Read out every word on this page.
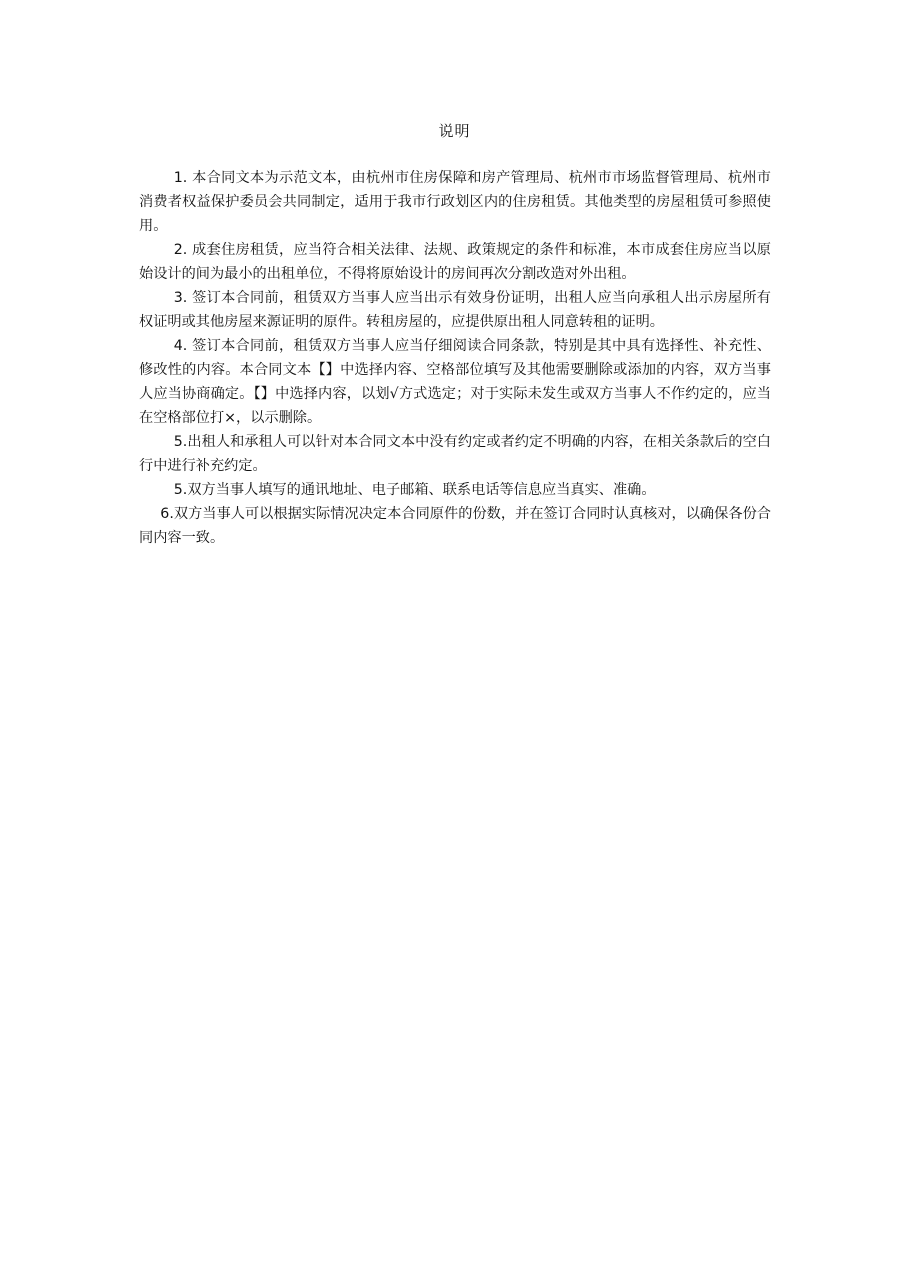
说明

1. 本合同文本为示范文本，由杭州市住房保障和房产管理局、杭州市市场监督管理局、杭州市消费者权益保护委员会共同制定，适用于我市行政划区内的住房租赁。其他类型的房屋租赁可参照使用。

2. 成套住房租赁，应当符合相关法律、法规、政策规定的条件和标准，本市成套住房应当以原始设计的间为最小的出租单位，不得将原始设计的房间再次分割改造对外出租。

3. 签订本合同前，租赁双方当事人应当出示有效身份证明，出租人应当向承租人出示房屋所有权证明或其他房屋来源证明的原件。转租房屋的，应提供原出租人同意转租的证明。

4. 签订本合同前，租赁双方当事人应当仔细阅读合同条款，特别是其中具有选择性、补充性、修改性的内容。本合同文本【】中选择内容、空格部位填写及其他需要删除或添加的内容，双方当事人应当协商确定。【】中选择内容，以划√方式选定；对于实际未发生或双方当事人不作约定的，应当在空格部位打×，以示删除。

5.出租人和承租人可以针对本合同文本中没有约定或者约定不明确的内容，在相关条款后的空白行中进行补充约定。

5.双方当事人填写的通讯地址、电子邮箱、联系电话等信息应当真实、准确。

6.双方当事人可以根据实际情况决定本合同原件的份数，并在签订合同时认真核对，以确保各份合同内容一致。
